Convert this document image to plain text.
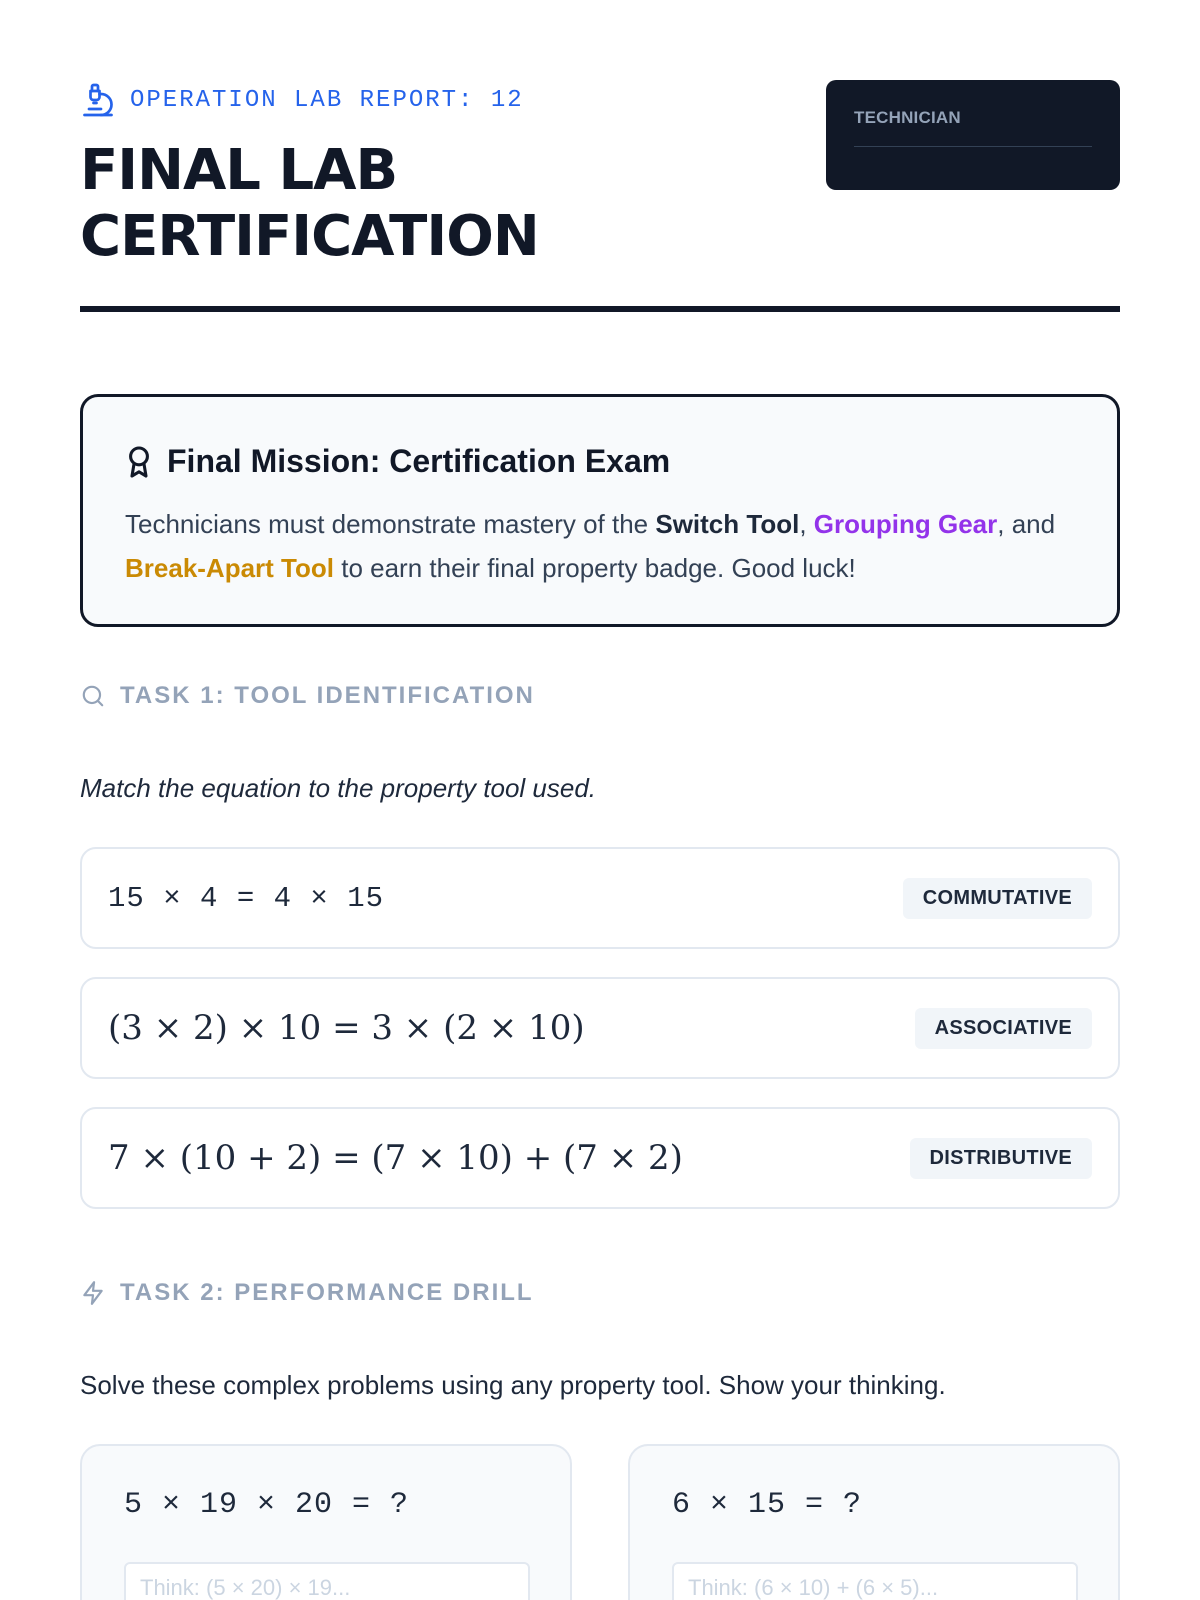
OPERATION LAB REPORT: 12
FINAL LAB CERTIFICATION
TECHNICIAN
Final Mission: Certification Exam

Technicians must demonstrate mastery of the Switch Tool, Grouping Gear, and Break-Apart Tool to earn their final property badge. Good luck!

TASK 1: TOOL IDENTIFICATION
Match the equation to the property tool used.
15 × 4 = 4 × 15	COMMUTATIVE
(3 × 2) × 10 = 3 × (2 × 10)	ASSOCIATIVE
7 × (10 + 2) = (7 × 10) + (7 × 2)	DISTRIBUTIVE
TASK 2: PERFORMANCE DRILL
Solve these complex problems using any property tool. Show your thinking.
5 × 19 × 20 = ?
Think: (5 × 20) × 19...	6 × 15 = ?
Think: (6 × 10) + (6 × 5)...
